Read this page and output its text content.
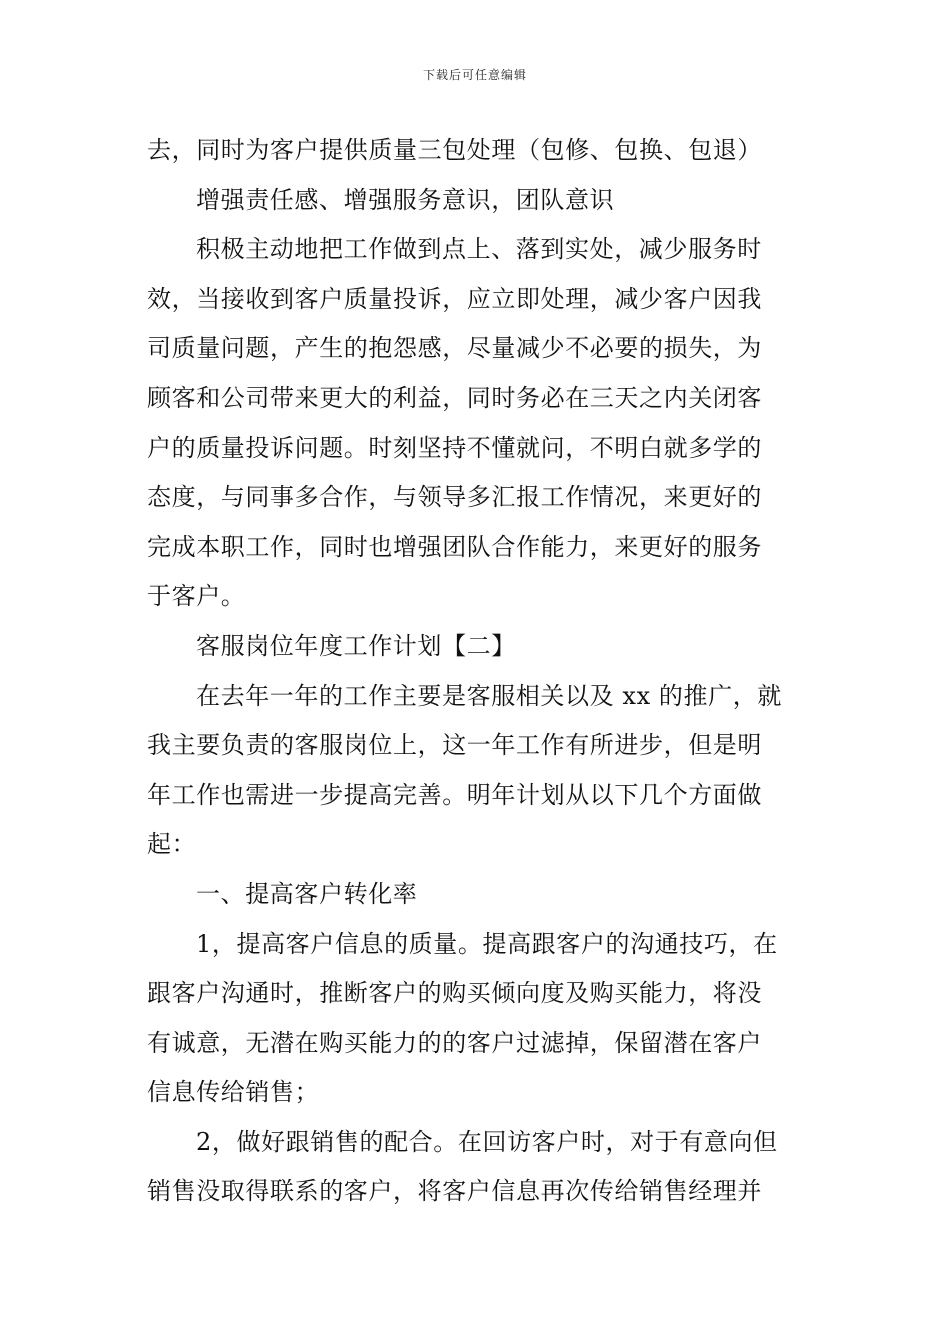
下载后可任意编辑
去，同时为客户提供质量三包处理（包修、包换、包退）
增强责任感、增强服务意识，团队意识
积极主动地把工作做到点上、落到实处，减少服务时
效，当接收到客户质量投诉，应立即处理，减少客户因我
司质量问题，产生的抱怨感，尽量减少不必要的损失，为
顾客和公司带来更大的利益，同时务必在三天之内关闭客
户的质量投诉问题。时刻坚持不懂就问，不明白就多学的
态度，与同事多合作，与领导多汇报工作情况，来更好的
完成本职工作，同时也增强团队合作能力，来更好的服务
于客户。
客服岗位年度工作计划【二】
在去年一年的工作主要是客服相关以及 xx 的推广，就
我主要负责的客服岗位上，这一年工作有所进步，但是明
年工作也需进一步提高完善。明年计划从以下几个方面做
起：
一、提高客户转化率
1，提高客户信息的质量。提高跟客户的沟通技巧，在
跟客户沟通时，推断客户的购买倾向度及购买能力，将没
有诚意，无潜在购买能力的的客户过滤掉，保留潜在客户
信息传给销售；
2，做好跟销售的配合。在回访客户时，对于有意向但
销售没取得联系的客户，将客户信息再次传给销售经理并
